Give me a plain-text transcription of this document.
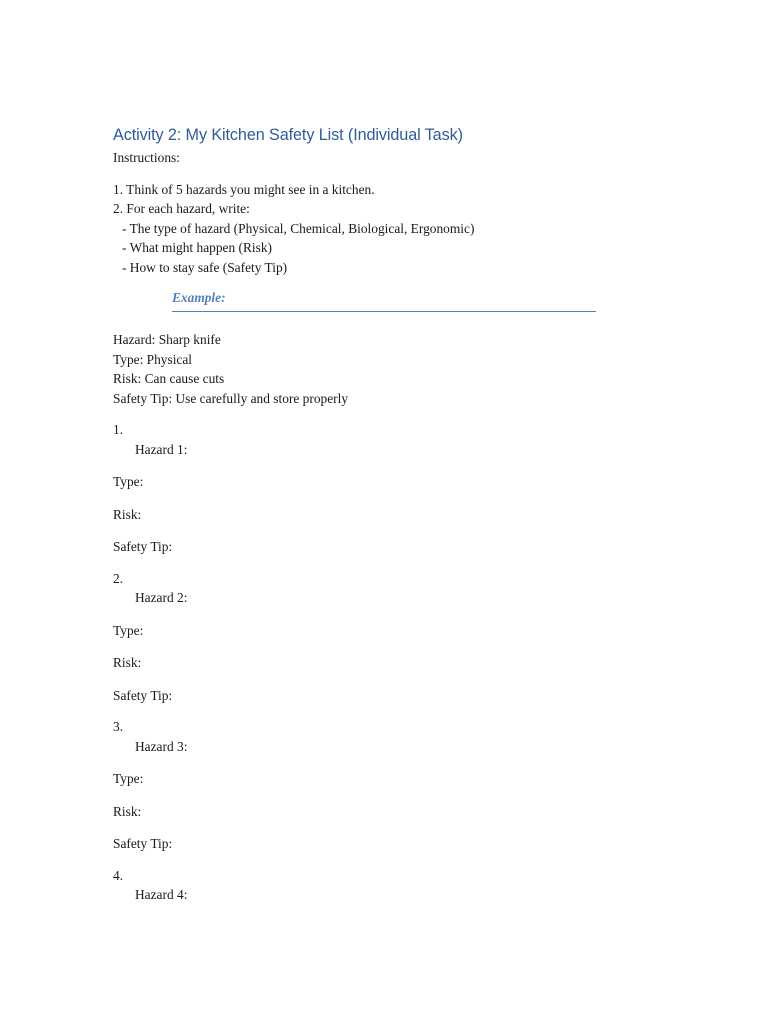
Activity 2: My Kitchen Safety List (Individual Task)

Instructions:

1. Think of 5 hazards you might see in a kitchen.

2. For each hazard, write:

- The type of hazard (Physical, Chemical, Biological, Ergonomic)

- What might happen (Risk)

- How to stay safe (Safety Tip)

Example:

Hazard: Sharp knife

Type: Physical

Risk: Can cause cuts

Safety Tip: Use carefully and store properly

1.
Hazard 1:
Type:
Risk:
Safety Tip:
2.
Hazard 2:
Type:
Risk:
Safety Tip:
3.
Hazard 3:
Type:
Risk:
Safety Tip:
4.
Hazard 4:
